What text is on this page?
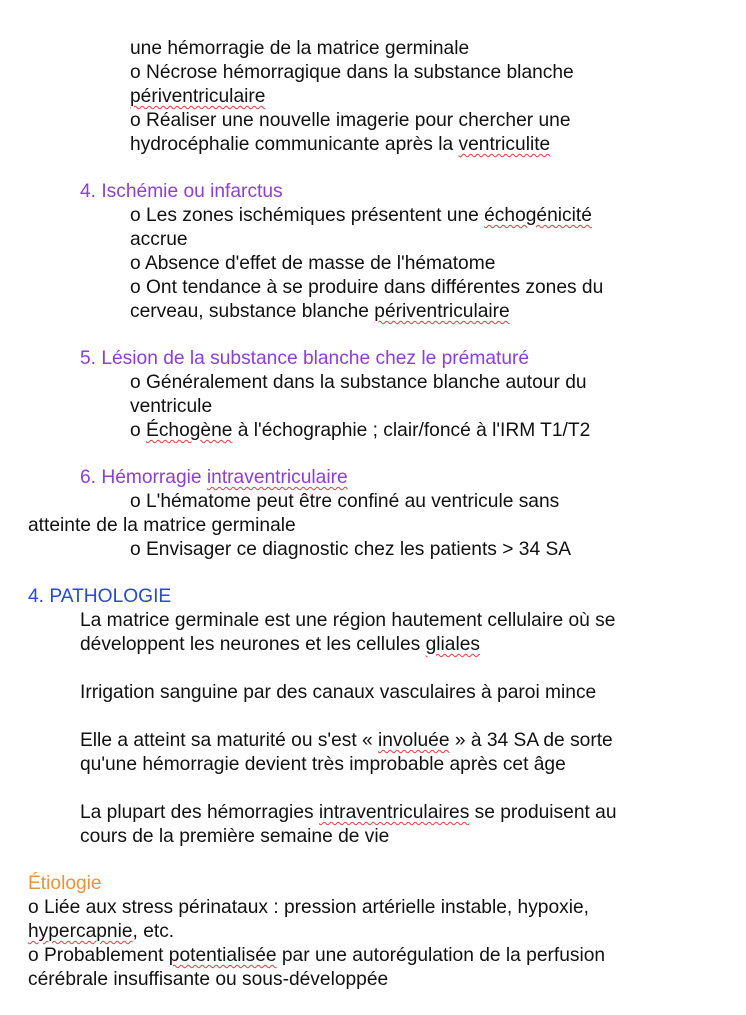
une hémorragie de la matrice germinale
o Nécrose hémorragique dans la substance blanche
périventriculaire
o Réaliser une nouvelle imagerie pour chercher une
hydrocéphalie communicante après la ventriculite
4. Ischémie ou infarctus
o Les zones ischémiques présentent une échogénicité
accrue
o Absence d'effet de masse de l'hématome
o Ont tendance à se produire dans différentes zones du
cerveau, substance blanche périventriculaire
5. Lésion de la substance blanche chez le prématuré
o Généralement dans la substance blanche autour du
ventricule
o Échogène à l'échographie ; clair/foncé à l'IRM T1/T2
6. Hémorragie intraventriculaire
o L'hématome peut être confiné au ventricule sans
atteinte de la matrice germinale
o Envisager ce diagnostic chez les patients > 34 SA
4. PATHOLOGIE
La matrice germinale est une région hautement cellulaire où se
développent les neurones et les cellules gliales
Irrigation sanguine par des canaux vasculaires à paroi mince
Elle a atteint sa maturité ou s'est « involuée » à 34 SA de sorte
qu'une hémorragie devient très improbable après cet âge
La plupart des hémorragies intraventriculaires se produisent au
cours de la première semaine de vie
Étiologie
o Liée aux stress périnataux : pression artérielle instable, hypoxie,
hypercapnie, etc.
o Probablement potentialisée par une autorégulation de la perfusion
cérébrale insuffisante ou sous-développée
